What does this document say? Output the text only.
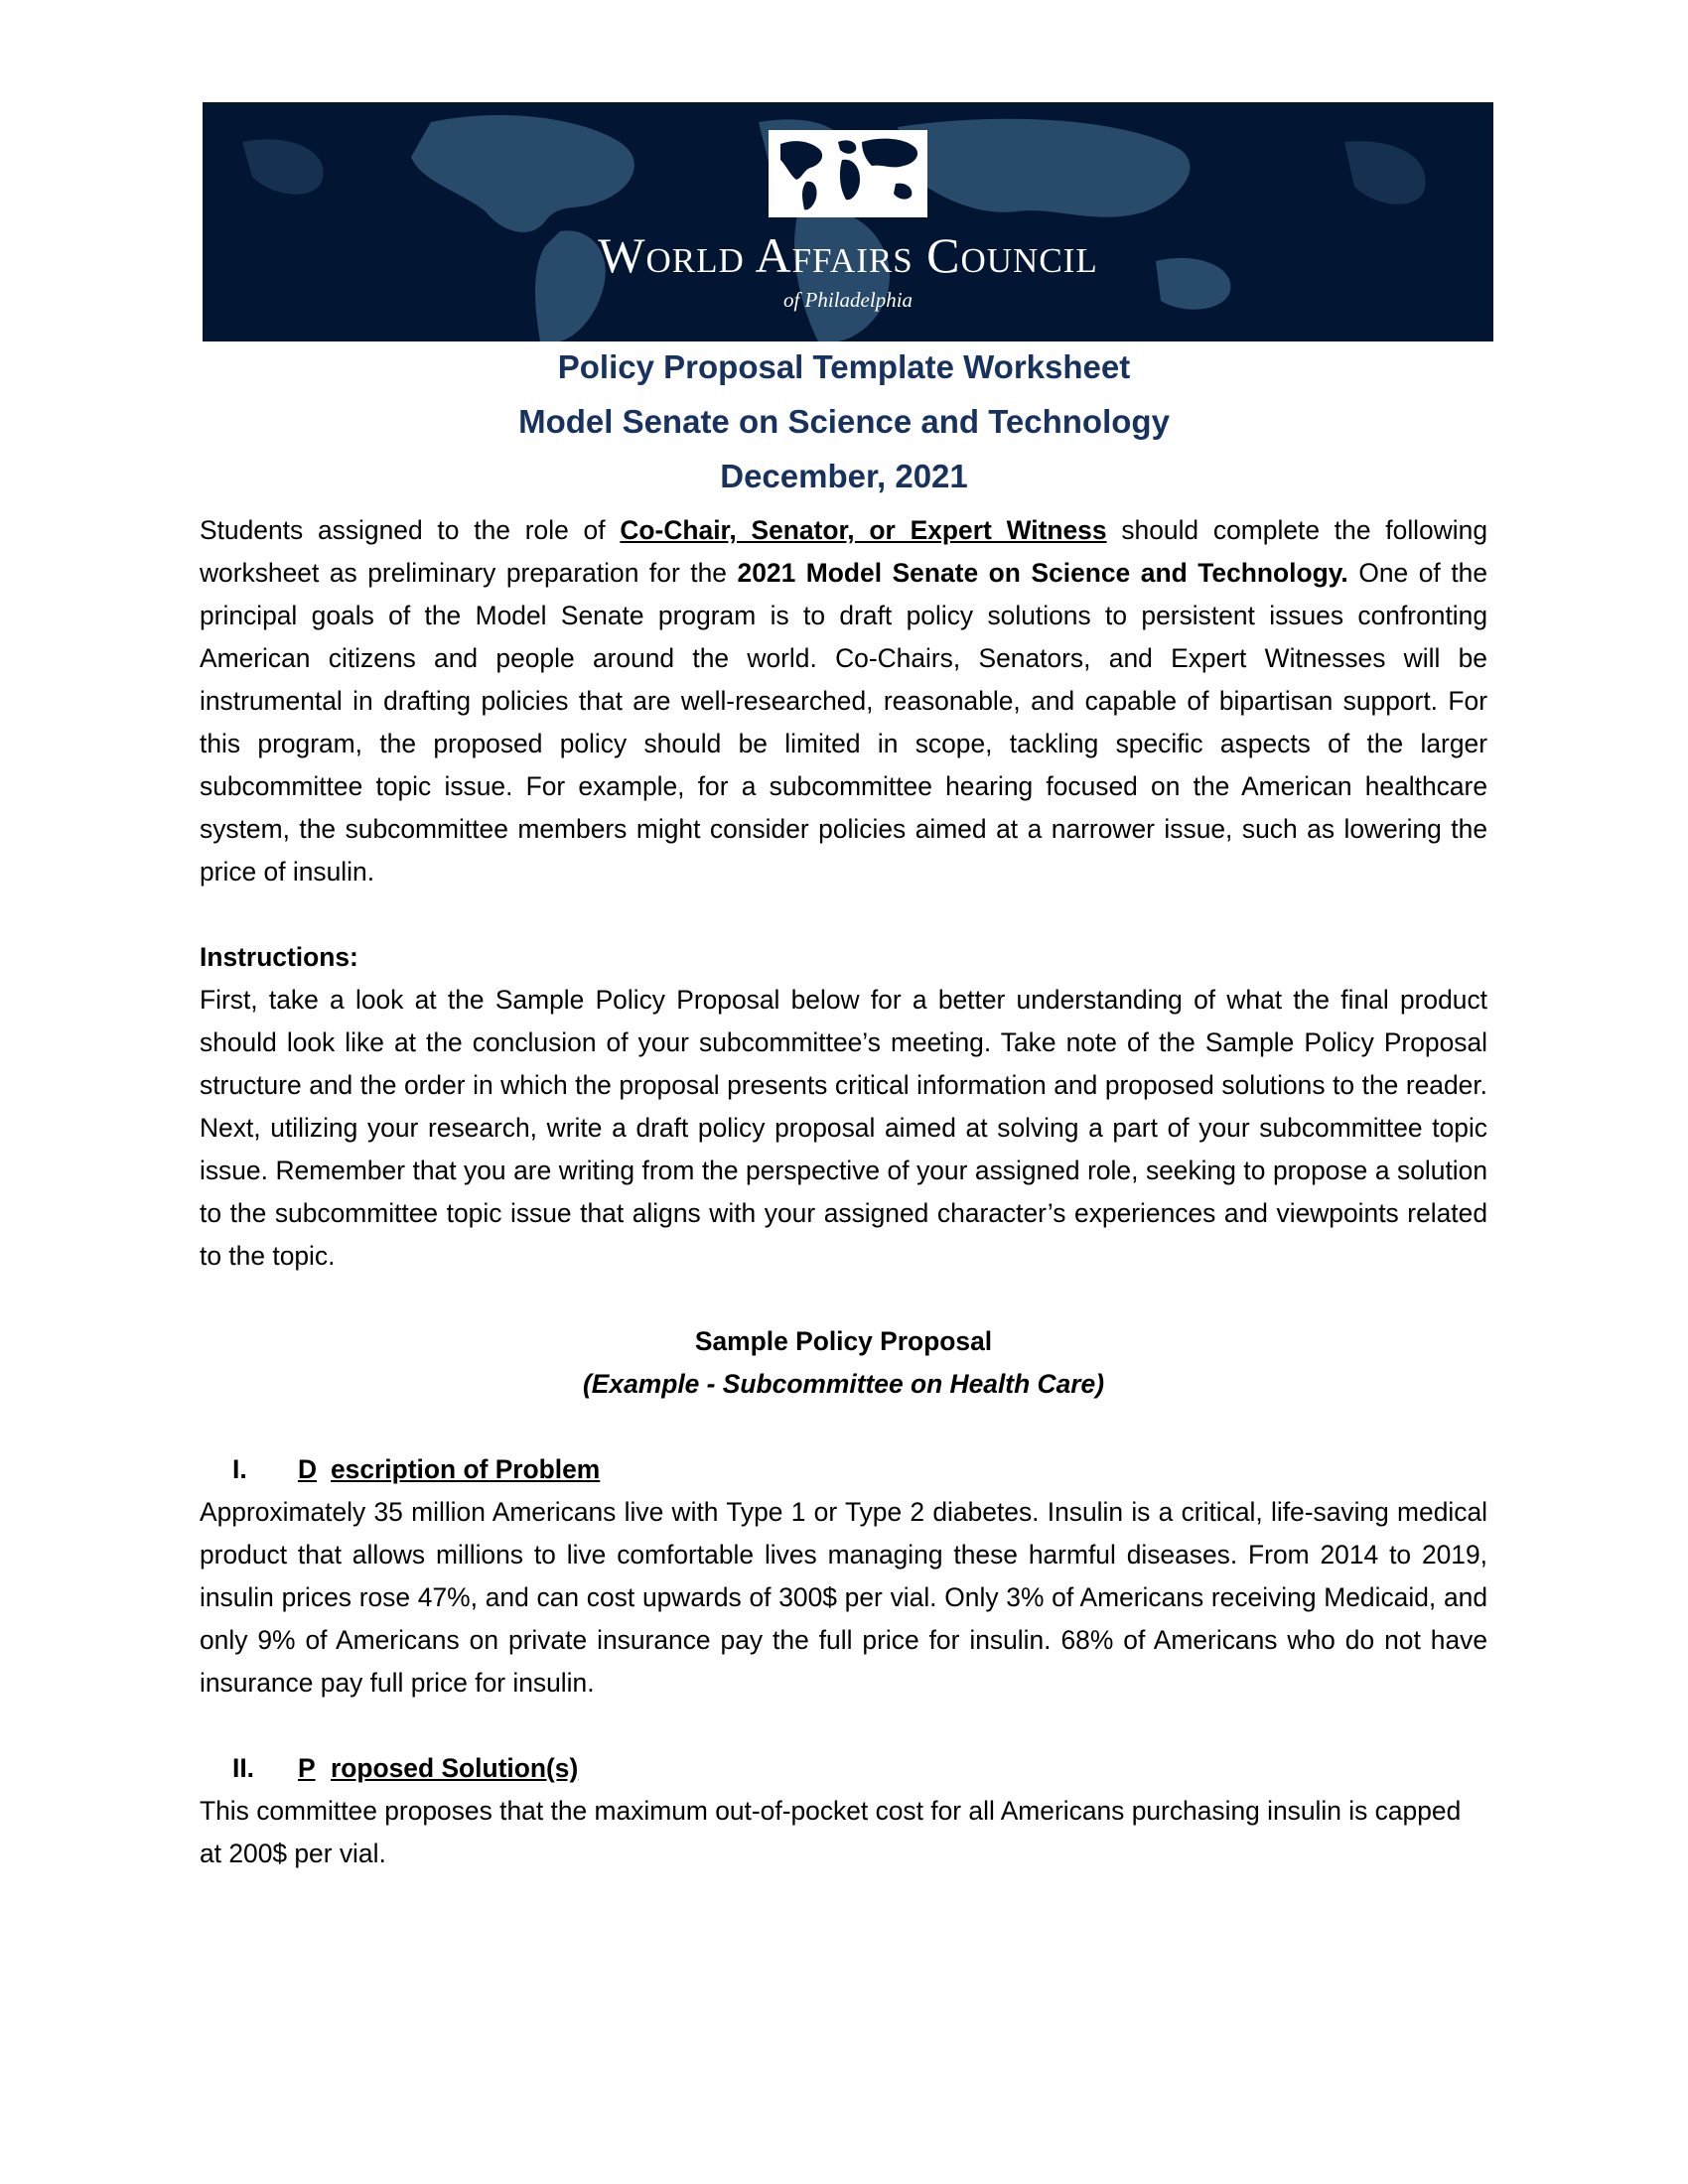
World Affairs Council
of Philadelphia
Policy Proposal Template Worksheet
Model Senate on Science and Technology
December, 2021
Students assigned to the role of Co-Chair, Senator, or Expert Witness should complete the following worksheet as preliminary preparation for the 2021 Model Senate on Science and Technology. One of the principal goals of the Model Senate program is to draft policy solutions to persistent issues confronting American citizens and people around the world. Co-Chairs, Senators, and Expert Witnesses will be instrumental in drafting policies that are well-researched, reasonable, and capable of bipartisan support. For this program, the proposed policy should be limited in scope, tackling specific aspects of the larger subcommittee topic issue. For example, for a subcommittee hearing focused on the American healthcare system, the subcommittee members might consider policies aimed at a narrower issue, such as lowering the price of insulin.
Instructions:
First, take a look at the Sample Policy Proposal below for a better understanding of what the final product should look like at the conclusion of your subcommittee’s meeting. Take note of the Sample Policy Proposal structure and the order in which the proposal presents critical information and proposed solutions to the reader. Next, utilizing your research, write a draft policy proposal aimed at solving a part of your subcommittee topic issue. Remember that you are writing from the perspective of your assigned role, seeking to propose a solution to the subcommittee topic issue that aligns with your assigned character’s experiences and viewpoints related to the topic.
Sample Policy Proposal
(Example - Subcommittee on Health Care)
I. D escription of Problem
Approximately 35 million Americans live with Type 1 or Type 2 diabetes. Insulin is a critical, life-saving medical product that allows millions to live comfortable lives managing these harmful diseases. From 2014 to 2019, insulin prices rose 47%, and can cost upwards of 300$ per vial. Only 3% of Americans receiving Medicaid, and only 9% of Americans on private insurance pay the full price for insulin. 68% of Americans who do not have insurance pay full price for insulin.
II. P roposed Solution(s)
This committee proposes that the maximum out-of-pocket cost for all Americans purchasing insulin is capped at 200$ per vial.
